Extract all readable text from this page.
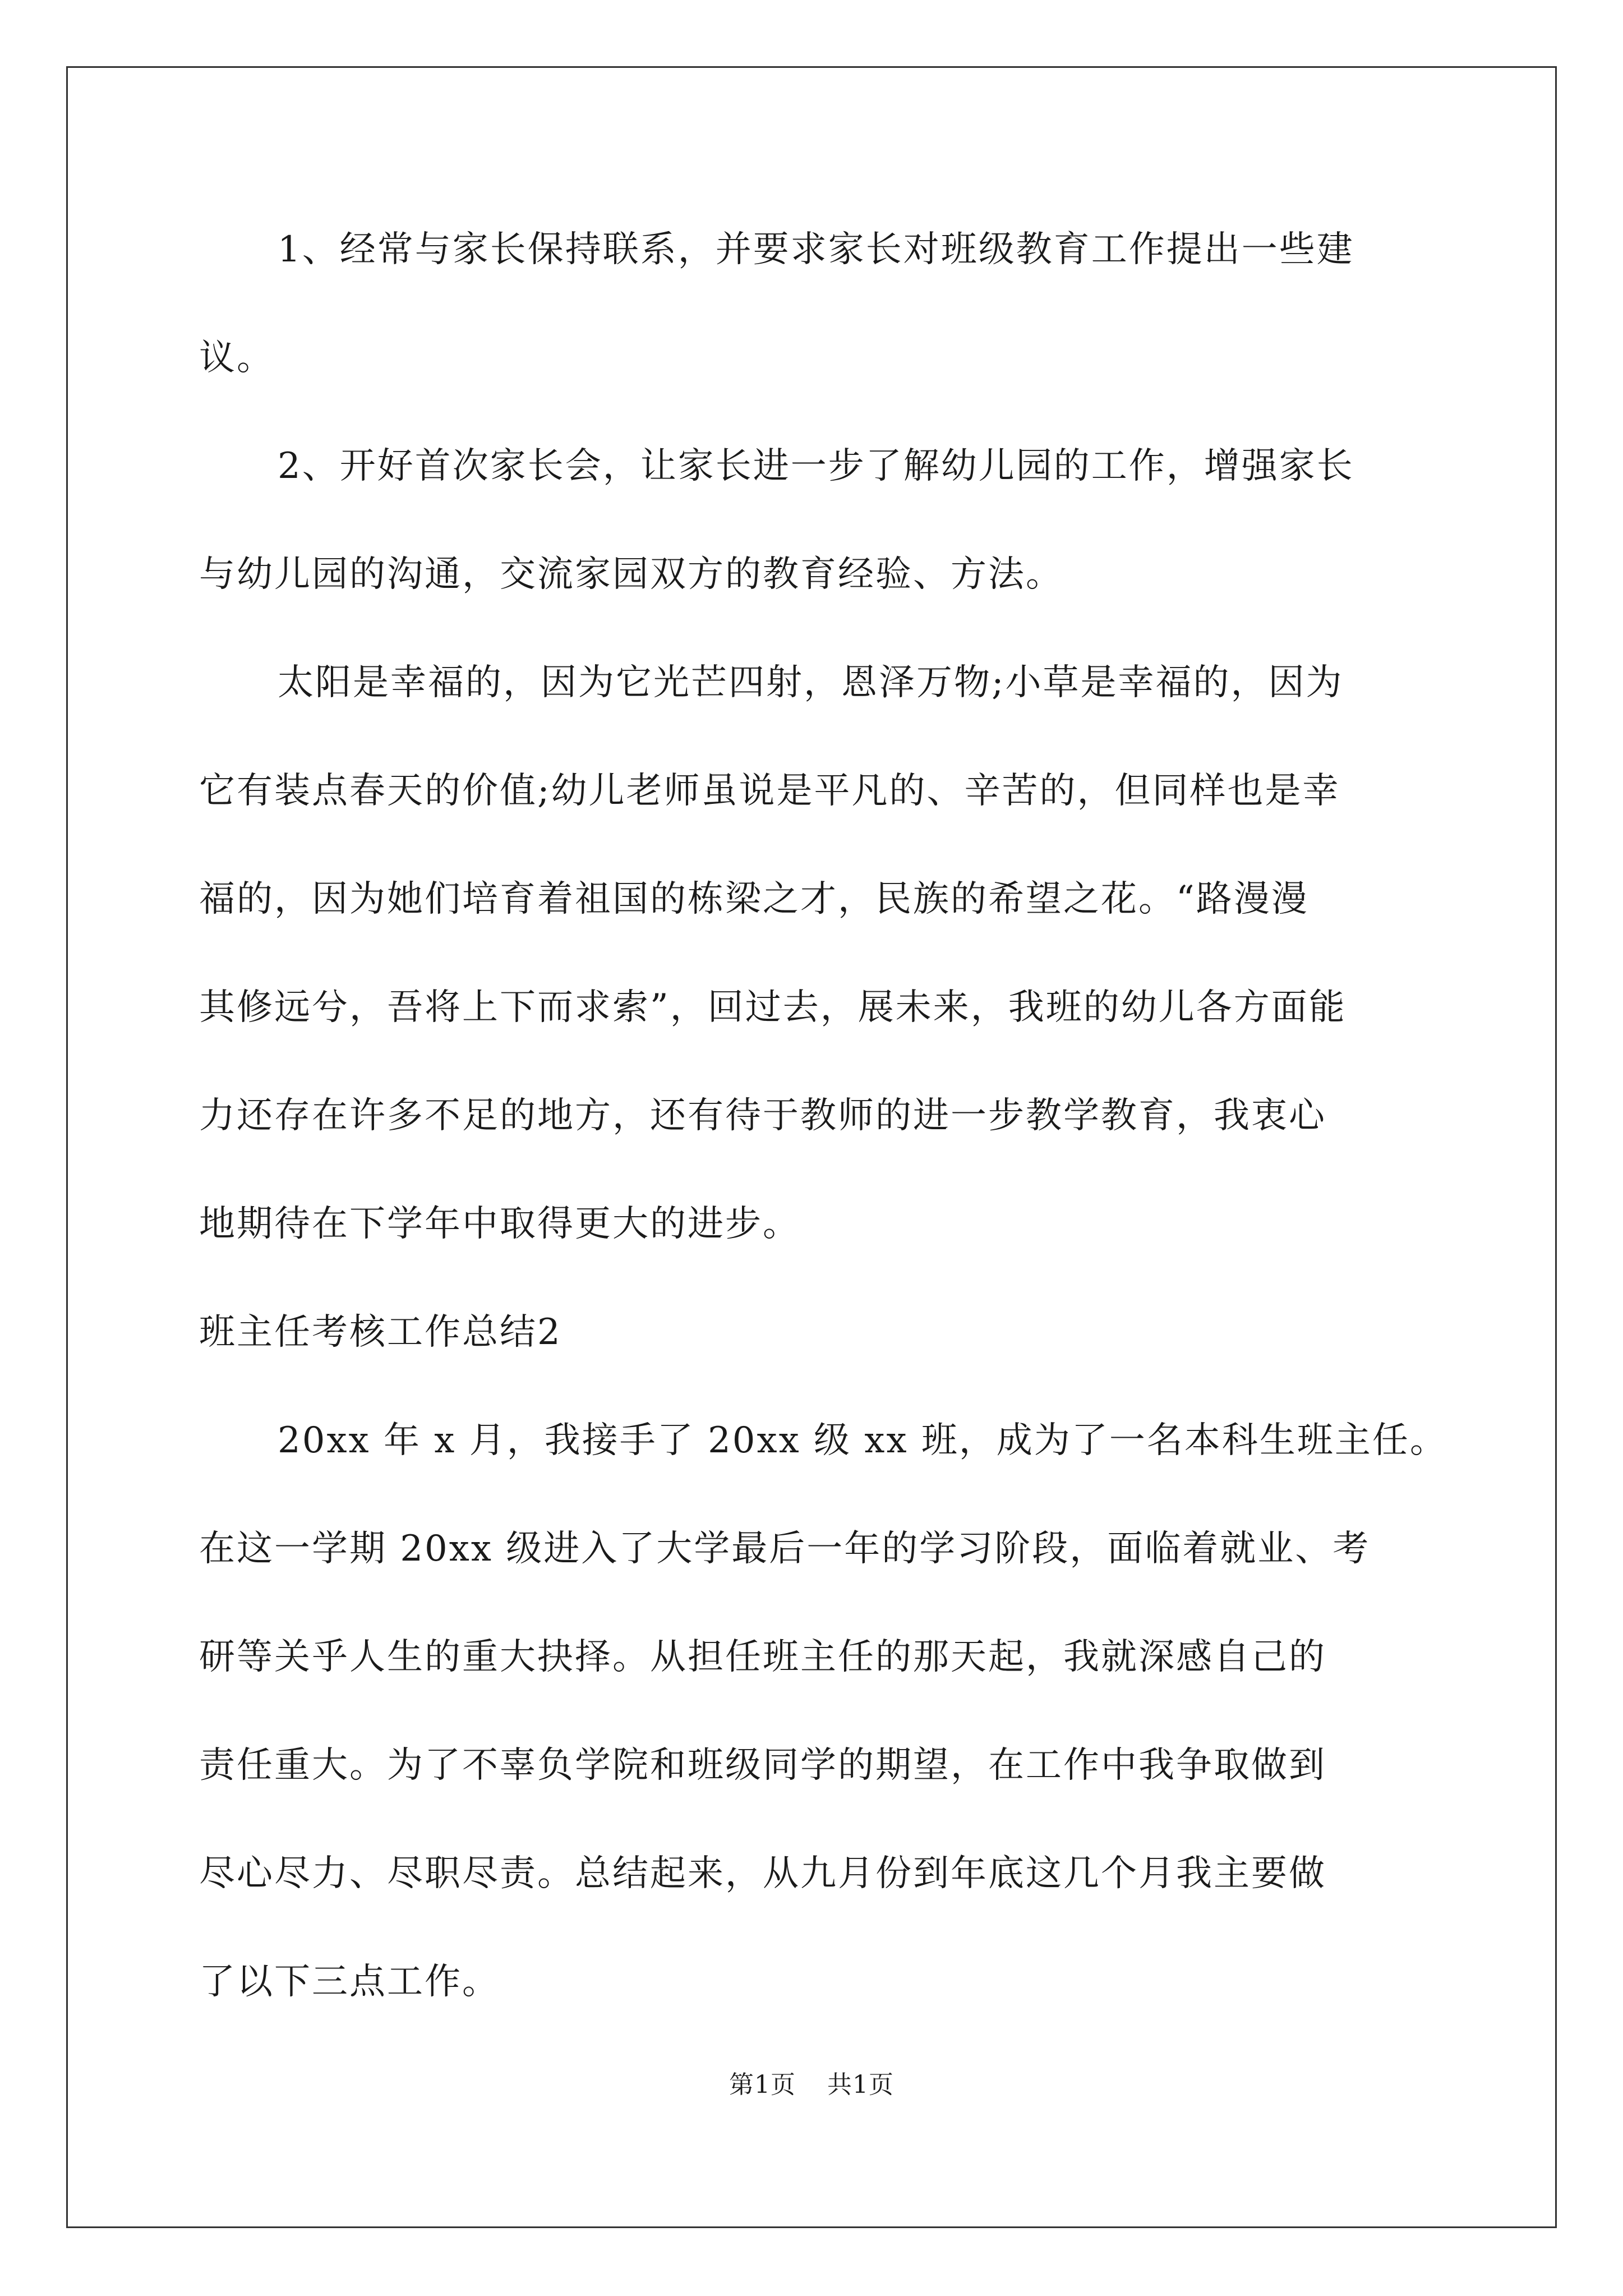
1、经常与家长保持联系，并要求家长对班级教育工作提出一些建
议。
2、开好首次家长会，让家长进一步了解幼儿园的工作，增强家长
与幼儿园的沟通，交流家园双方的教育经验、方法。
太阳是幸福的，因为它光芒四射，恩泽万物;小草是幸福的，因为
它有装点春天的价值;幼儿老师虽说是平凡的、辛苦的，但同样也是幸
福的，因为她们培育着祖国的栋梁之才，民族的希望之花。“路漫漫
其修远兮，吾将上下而求索”，回过去，展未来，我班的幼儿各方面能
力还存在许多不足的地方，还有待于教师的进一步教学教育，我衷心
地期待在下学年中取得更大的进步。
班主任考核工作总结2
20xx 年 x 月，我接手了 20xx 级 xx 班，成为了一名本科生班主任。
在这一学期 20xx 级进入了大学最后一年的学习阶段，面临着就业、考
研等关乎人生的重大抉择。从担任班主任的那天起，我就深感自己的
责任重大。为了不辜负学院和班级同学的期望，在工作中我争取做到
尽心尽力、尽职尽责。总结起来，从九月份到年底这几个月我主要做
了以下三点工作。
第1页 共1页
